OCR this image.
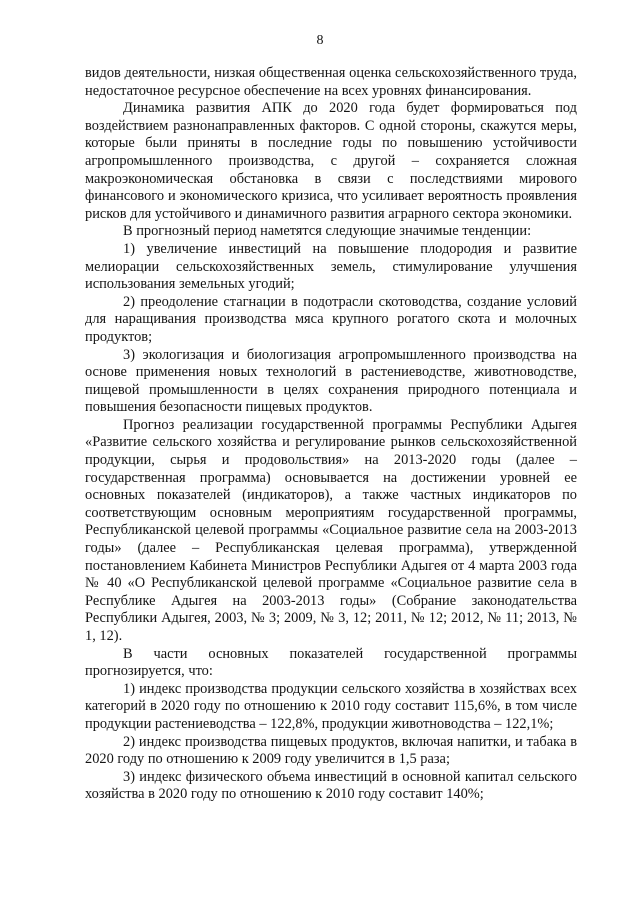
8

видов деятельности, низкая общественная оценка сельскохозяйственного труда, недостаточное ресурсное обеспечение на всех уровнях финансирования.

Динамика развития АПК до 2020 года будет формироваться под воздействием разнонаправленных факторов. С одной стороны, скажутся меры, которые были приняты в последние годы по повышению устойчивости агропромышленного производства, с другой – сохраняется сложная макроэкономическая обстановка в связи с последствиями мирового финансового и экономического кризиса, что усиливает вероятность проявления рисков для устойчивого и динамичного развития аграрного сектора экономики.

В прогнозный период наметятся следующие значимые тенденции:

1) увеличение инвестиций на повышение плодородия и развитие мелиорации сельскохозяйственных земель, стимулирование улучшения использования земельных угодий;

2) преодоление стагнации в подотрасли скотоводства, создание условий для наращивания производства мяса крупного рогатого скота и молочных продуктов;

3) экологизация и биологизация агропромышленного производства на основе применения новых технологий в растениеводстве, животноводстве, пищевой промышленности в целях сохранения природного потенциала и повышения безопасности пищевых продуктов.

Прогноз реализации государственной программы Республики Адыгея «Развитие сельского хозяйства и регулирование рынков сельскохозяйственной продукции, сырья и продовольствия» на 2013-2020 годы (далее – государственная программа) основывается на достижении уровней ее основных показателей (индикаторов), а также частных индикаторов по соответствующим основным мероприятиям государственной программы, Республиканской целевой программы «Социальное развитие села на 2003-2013 годы» (далее – Республиканская целевая программа), утвержденной постановлением Кабинета Министров Республики Адыгея от 4 марта 2003 года № 40 «О Республиканской целевой программе «Социальное развитие села в Республике Адыгея на 2003-2013 годы» (Собрание законодательства Республики Адыгея, 2003, № 3; 2009, № 3, 12; 2011, № 12; 2012, № 11; 2013, № 1, 12).

В части основных показателей государственной программы прогнозируется, что:

1) индекс производства продукции сельского хозяйства в хозяйствах всех категорий в 2020 году по отношению к 2010 году составит 115,6%, в том числе продукции растениеводства – 122,8%, продукции животноводства – 122,1%;

2) индекс производства пищевых продуктов, включая напитки, и табака в 2020 году по отношению к 2009 году увеличится в 1,5 раза;

3) индекс физического объема инвестиций в основной капитал сельского хозяйства в 2020 году по отношению к 2010 году составит 140%;
